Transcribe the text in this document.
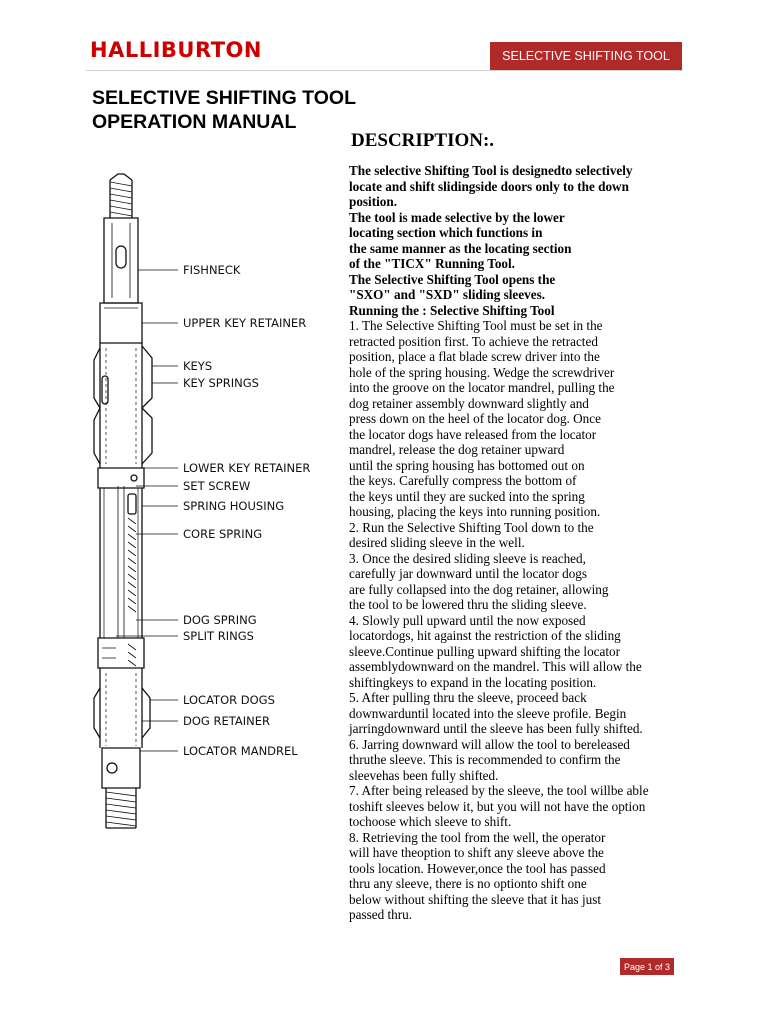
HALLIBURTON	SELECTIVE SHIFTING TOOL
SELECTIVE SHIFTING TOOL
OPERATION MANUAL
DESCRIPTION:.
The selective Shifting Tool is designedto selectively
locate and shift slidingside doors only to the down
position.
The tool is made selective by the lower
locating section which functions in
the same manner as the locating section
of the "TICX" Running Tool.
The Selective Shifting Tool opens the
"SXO" and "SXD" sliding sleeves.
Running the : Selective Shifting Tool
1. The Selective Shifting Tool must be set in the
retracted position first. To achieve the retracted
position, place a flat blade screw driver into the
hole of the spring housing. Wedge the screwdriver
into the groove on the locator mandrel, pulling the
dog retainer assembly downward slightly and
press down on the heel of the locator dog. Once
the locator dogs have released from the locator
mandrel, release the dog retainer upward
until the spring housing has bottomed out on
the keys. Carefully compress the bottom of
the keys until they are sucked into the spring
housing, placing the keys into running position.
2. Run the Selective Shifting Tool down to the
desired sliding sleeve in the well.
3. Once the desired sliding sleeve is reached,
carefully jar downward until the locator dogs
are fully collapsed into the dog retainer, allowing
the tool to be lowered thru the sliding sleeve.
4. Slowly pull upward until the now exposed
locatordogs, hit against the restriction of the sliding
sleeve.Continue pulling upward shifting the locator
assemblydownward on the mandrel. This will allow the
shiftingkeys to expand in the locating position.
5. After pulling thru the sleeve, proceed back
downwarduntil located into the sleeve profile. Begin
jarringdownward until the sleeve has been fully shifted.
6. Jarring downward will allow the tool to bereleased
thruthe sleeve. This is recommended to confirm the
sleevehas been fully shifted.
7. After being released by the sleeve, the tool willbe able
toshift sleeves below it, but you will not have the option
tochoose which sleeve to shift.
8. Retrieving the tool from the well, the operator
will have theoption to shift any sleeve above the
tools location. However,once the tool has passed
thru any sleeve, there is no optionto shift one
below without shifting the sleeve that it has just
passed thru.
FISHNECK
UPPER KEY RETAINER
KEYS
KEY SPRINGS
LOWER KEY RETAINER
SET SCREW
SPRING HOUSING
CORE SPRING
DOG SPRING
SPLIT RINGS
LOCATOR DOGS
DOG RETAINER
LOCATOR MANDREL
Page 1 of 3
